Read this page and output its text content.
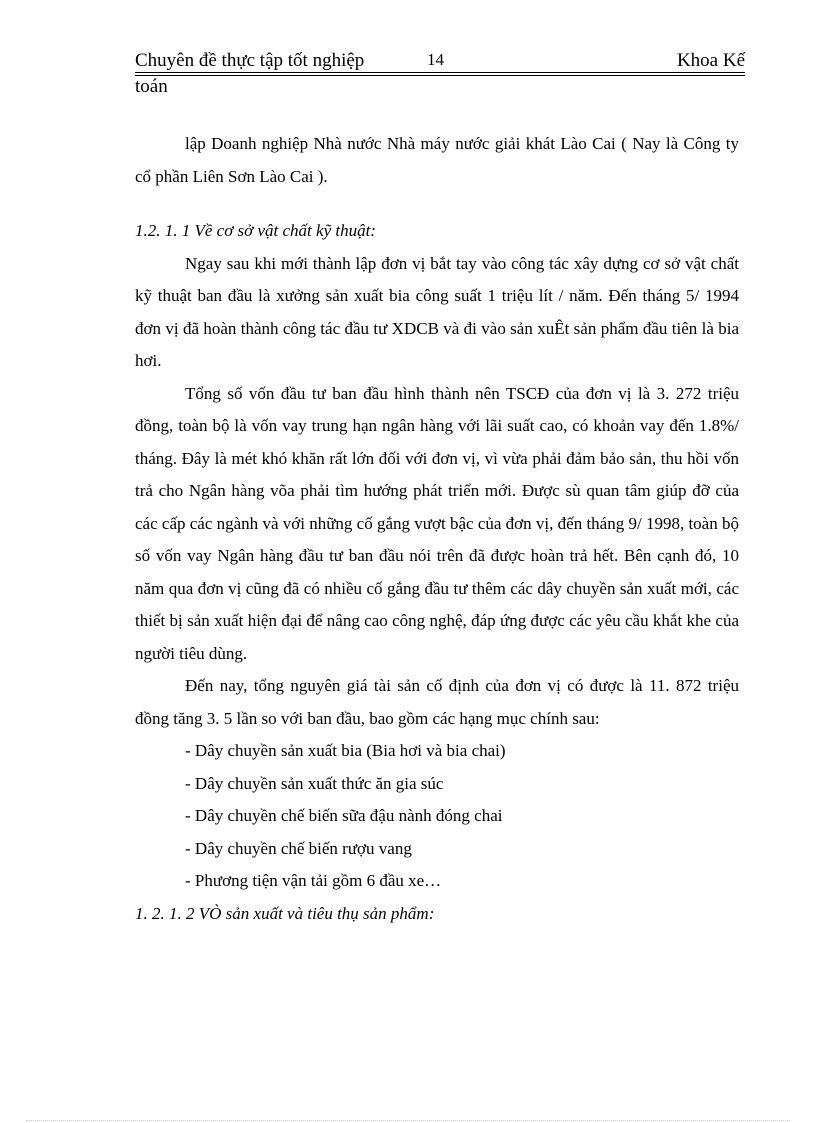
Chuyên đề thực tập tốt nghiệp	14	Khoa Kế
toán

lập Doanh nghiệp Nhà nước Nhà máy nước giải khát Lào Cai ( Nay là Công ty cổ phần Liên Sơn Lào Cai ).

1.2. 1. 1 Về cơ sở vật chất kỹ thuật:

Ngay sau khi mới thành lập đơn vị bắt tay vào công tác xây dựng cơ sở vật chất kỹ thuật ban đầu là xưởng sản xuất bia công suất 1 triệu lít / năm. Đến tháng 5/ 1994 đơn vị đã hoàn thành công tác đầu tư XDCB và đi vào sản xuÊt sản phẩm đầu tiên là bia hơi.

Tổng số vốn đầu tư ban đầu hình thành nên TSCĐ của đơn vị là 3. 272 triệu đồng, toàn bộ là vốn vay trung hạn ngân hàng với lãi suất cao, có khoản vay đến 1.8%/ tháng. Đây là mét khó khăn rất lớn đối với đơn vị, vì vừa phải đảm bảo sản, thu hồi vốn trả cho Ngân hàng võa phải tìm hướng phát triển mới. Được sù quan tâm giúp đỡ của các cấp các ngành và với những cố gắng vượt bậc của đơn vị, đến tháng 9/ 1998, toàn bộ số vốn vay Ngân hàng đầu tư ban đầu nói trên đã được hoàn trả hết. Bên cạnh đó, 10 năm qua đơn vị cũng đã có nhiều cố gắng đầu tư thêm các dây chuyền sản xuất mới, các thiết bị sản xuất hiện đại để nâng cao công nghệ, đáp ứng được các yêu cầu khắt khe của người tiêu dùng.

Đến nay, tổng nguyên giá tài sản cố định của đơn vị có được là 11. 872 triệu đồng tăng 3. 5 lần so với ban đầu, bao gồm các hạng mục chính sau:

- Dây chuyền sản xuất bia (Bia hơi và bia chai)

- Dây chuyền sản xuất thức ăn gia súc

- Dây chuyền chế biến sữa đậu nành đóng chai

- Dây chuyền chế biến rượu vang

- Phương tiện vận tải gồm 6 đầu xe…

1. 2. 1. 2 VÒ sản xuất và tiêu thụ sản phẩm:
